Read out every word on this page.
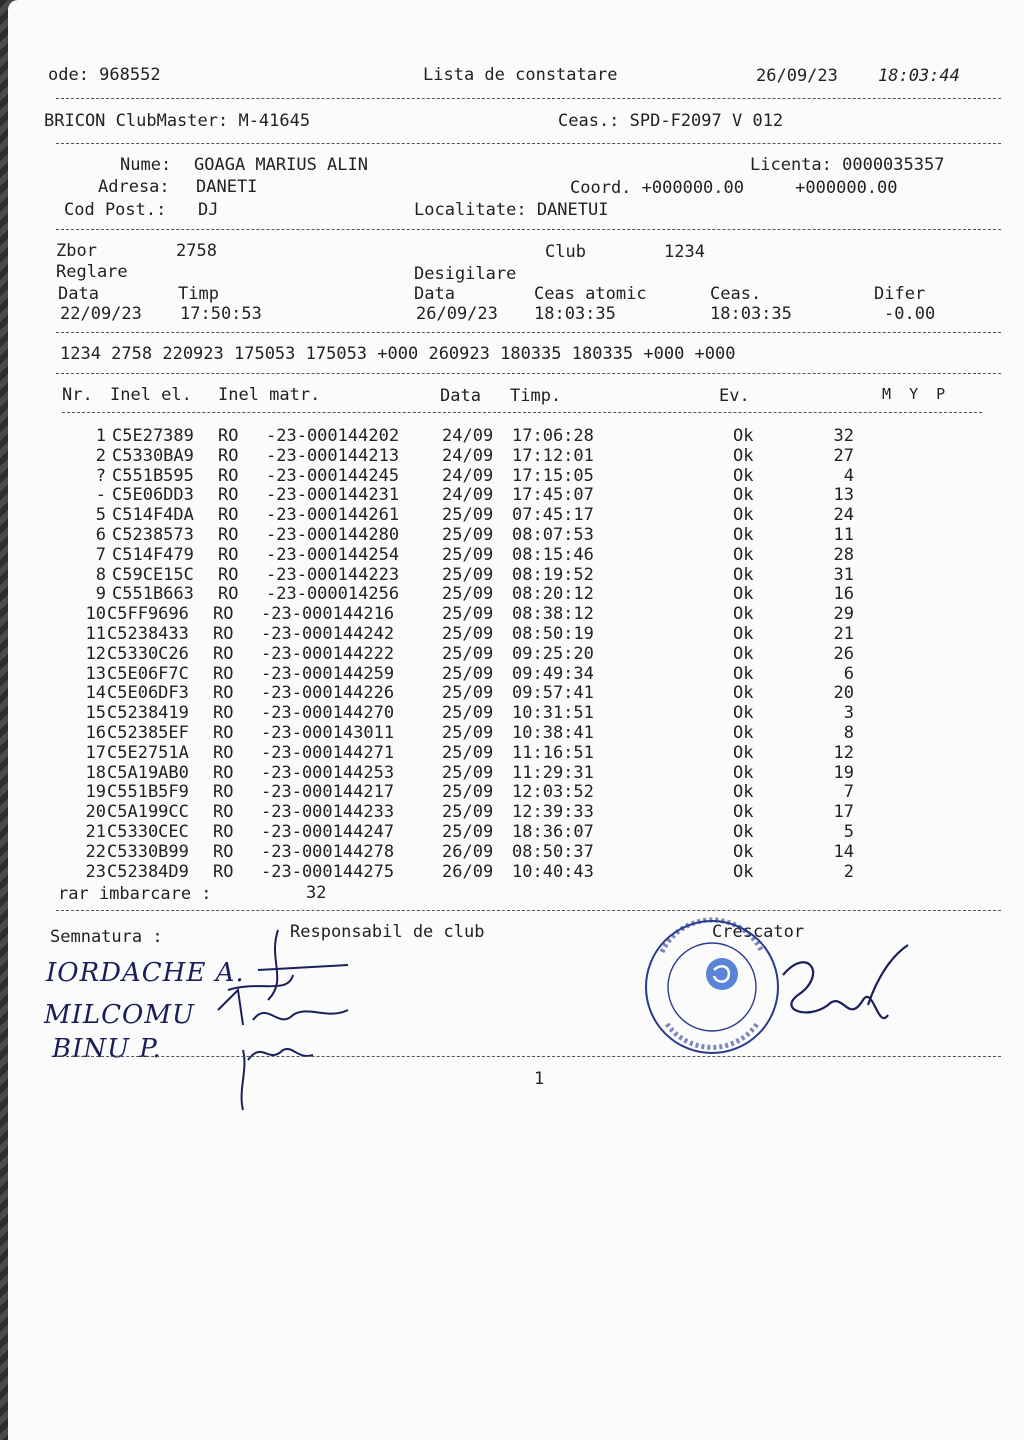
ode: 968552	Lista de constatare	26/09/23 18:03:44
BRICON ClubMaster: M-41645	Ceas.: SPD-F2097 V 012
Nume: GOAGA MARIUS ALIN	Licenta: 0000035357
Adresa: DANETI	Coord. +000000.00     +000000.00
Cod Post.: DJ	Localitate: DANETUI
Zbor	2758	Club	1234
Reglare	Desigilare
Data	Timp	Data	Ceas atomic	Ceas.	Difer
22/09/23 17:50:53	26/09/23 18:03:35	18:03:35	-0.00
1234 2758 220923 175053 175053 +000 260923 180335 180335 +000 +000
Nr. Inel el. Inel matr.	Data Timp.	Ev.	M  Y  P
1 C5E27389 RO -23-000144202	24/09 17:06:28	Ok	32
2 C5330BA9 RO -23-000144213	24/09 17:12:01	Ok	27
? C551B595 RO -23-000144245	24/09 17:15:05	Ok	4
- C5E06DD3 RO -23-000144231	24/09 17:45:07	Ok	13
5 C514F4DA RO -23-000144261	25/09 07:45:17	Ok	24
6 C5238573 RO -23-000144280	25/09 08:07:53	Ok	11
7 C514F479 RO -23-000144254	25/09 08:15:46	Ok	28
8 C59CE15C RO -23-000144223	25/09 08:19:52	Ok	31
9 C551B663 RO -23-000014256	25/09 08:20:12	Ok	16
10 C5FF9696 RO -23-000144216	25/09 08:38:12	Ok	29
11 C5238433 RO -23-000144242	25/09 08:50:19	Ok	21
12 C5330C26 RO -23-000144222	25/09 09:25:20	Ok	26
13 C5E06F7C RO -23-000144259	25/09 09:49:34	Ok	6
14 C5E06DF3 RO -23-000144226	25/09 09:57:41	Ok	20
15 C5238419 RO -23-000144270	25/09 10:31:51	Ok	3
16 C52385EF RO -23-000143011	25/09 10:38:41	Ok	8
17 C5E2751A RO -23-000144271	25/09 11:16:51	Ok	12
18 C5A19AB0 RO -23-000144253	25/09 11:29:31	Ok	19
19 C551B5F9 RO -23-000144217	25/09 12:03:52	Ok	7
20 C5A199CC RO -23-000144233	25/09 12:39:33	Ok	17
21 C5330CEC RO -23-000144247	25/09 18:36:07	Ok	5
22 C5330B99 RO -23-000144278	26/09 08:50:37	Ok	14
23 C52384D9 RO -23-000144275	26/09 10:40:43	Ok	2
rar imbarcare :	32
Semnatura :	Responsabil de club	Crescator
IORDACHE A.
MILCOMU
BINU P.
1
